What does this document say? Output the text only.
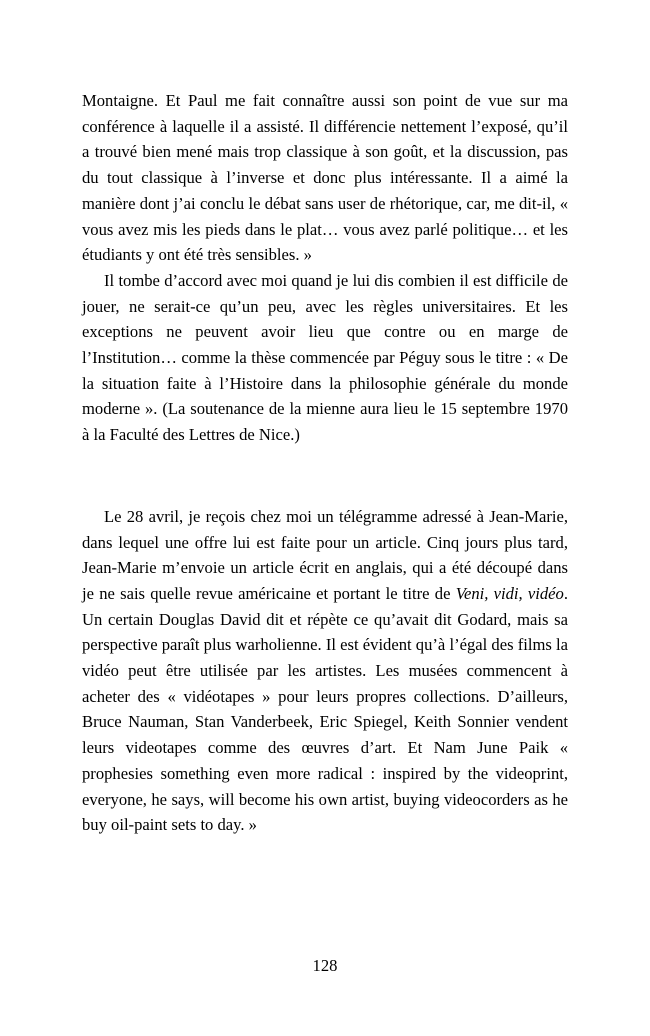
Montaigne. Et Paul me fait connaître aussi son point de vue sur ma conférence à laquelle il a assisté. Il différencie nettement l’exposé, qu’il a trouvé bien mené mais trop classique à son goût, et la discussion, pas du tout classique à l’inverse et donc plus intéressante. Il a aimé la manière dont j’ai conclu le débat sans user de rhétorique, car, me dit-il, « vous avez mis les pieds dans le plat… vous avez parlé politique… et les étudiants y ont été très sensibles. »

Il tombe d’accord avec moi quand je lui dis combien il est difficile de jouer, ne serait-ce qu’un peu, avec les règles universitaires. Et les exceptions ne peuvent avoir lieu que contre ou en marge de l’Institution… comme la thèse commencée par Péguy sous le titre : « De la situation faite à l’Histoire dans la philosophie générale du monde moderne ». (La soutenance de la mienne aura lieu le 15 septembre 1970 à la Faculté des Lettres de Nice.)

Le 28 avril, je reçois chez moi un télégramme adressé à Jean-Marie, dans lequel une offre lui est faite pour un article. Cinq jours plus tard, Jean-Marie m’envoie un article écrit en anglais, qui a été découpé dans je ne sais quelle revue américaine et portant le titre de Veni, vidi, vidéo. Un certain Douglas David dit et répète ce qu’avait dit Godard, mais sa perspective paraît plus warholienne. Il est évident qu’à l’égal des films la vidéo peut être utilisée par les artistes. Les musées commencent à acheter des « vidéotapes » pour leurs propres collections. D’ailleurs, Bruce Nauman, Stan Vanderbeek, Eric Spiegel, Keith Sonnier vendent leurs videotapes comme des œuvres d’art. Et Nam June Paik « prophesies something even more radical : inspired by the videoprint, everyone, he says, will become his own artist, buying videocorders as he buy oil-paint sets to day. »

128
